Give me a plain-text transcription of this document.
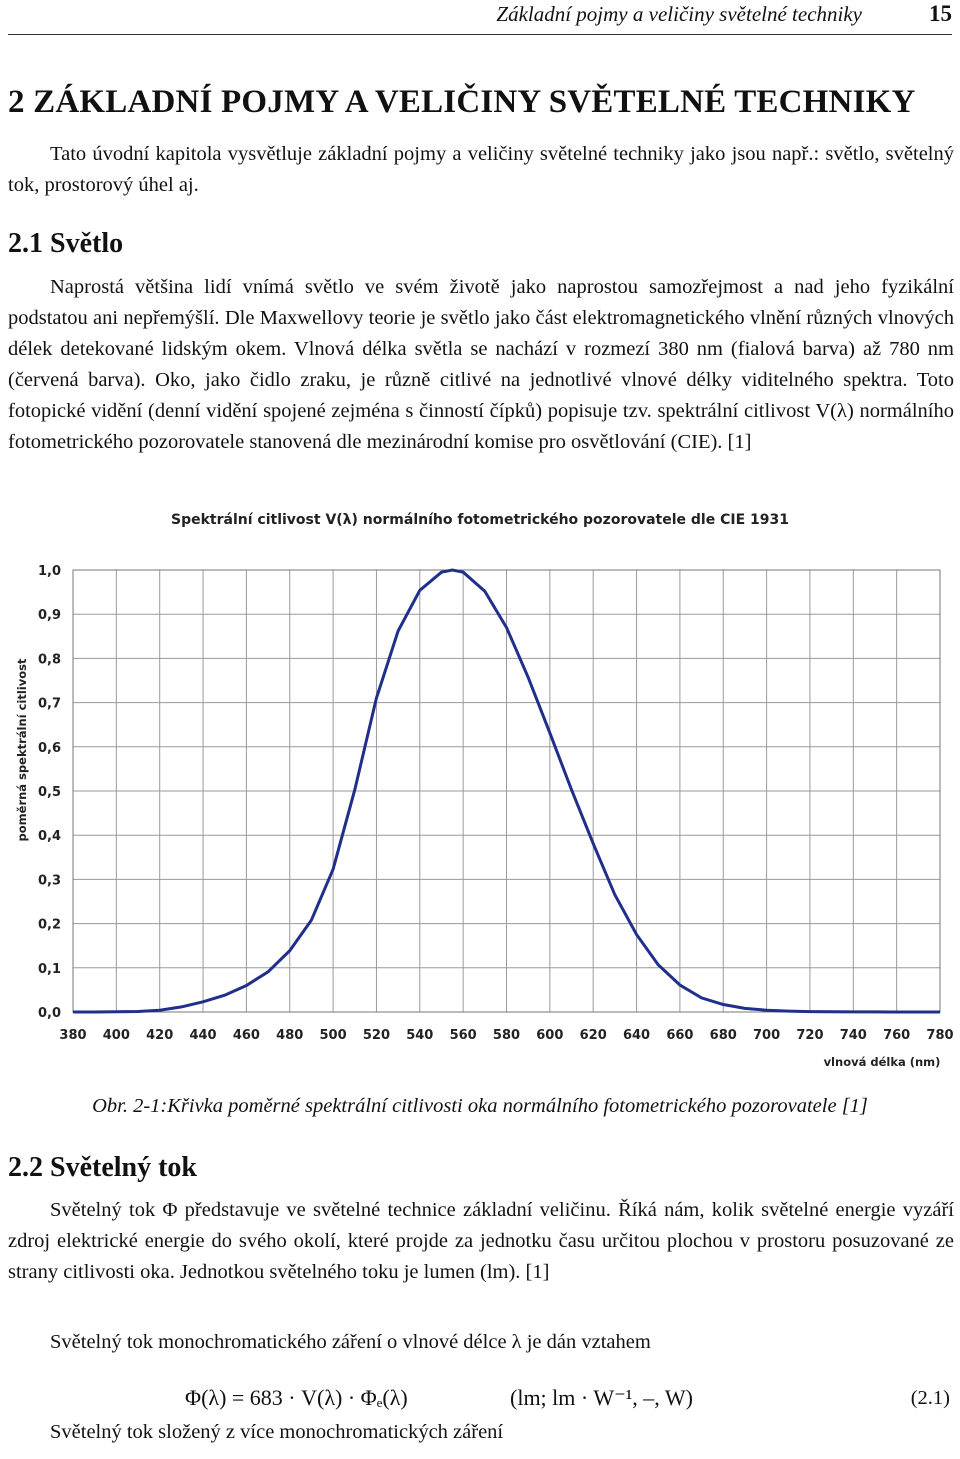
Základní pojmy a veličiny světelné techniky	15
2 ZÁKLADNÍ POJMY A VELIČINY SVĚTELNÉ TECHNIKY

Tato úvodní kapitola vysvětluje základní pojmy a veličiny světelné techniky jako jsou např.: světlo, světelný tok, prostorový úhel aj.

2.1 Světlo

Naprostá většina lidí vnímá světlo ve svém životě jako naprostou samozřejmost a nad jeho fyzikální podstatou ani nepřemýšlí. Dle Maxwellovy teorie je světlo jako část elektromagnetického vlnění různých vlnových délek detekované lidským okem. Vlnová délka světla se nachází v rozmezí 380 nm (fialová barva) až 780 nm (červená barva). Oko, jako čidlo zraku, je různě citlivé na jednotlivé vlnové délky viditelného spektra. Toto fotopické vidění (denní vidění spojené zejména s činností čípků) popisuje tzv. spektrální citlivost V(λ) normálního fotometrického pozorovatele stanovená dle mezinárodní komise pro osvětlování (CIE). [1]

Spektrální citlivost V(λ) normálního fotometrického pozorovatele dle CIE 1931
380 400 420 440 460 480 500 520 540 560 580 600 620 640 660 680 700 720 740 760 780
0,0
0,1
0,2
0,3
0,4
0,5
0,6
0,7
0,8
0,9
1,0
poměrná spektrální citlivost
vlnová délka (nm)
Obr. 2-1:Křivka poměrné spektrální citlivosti oka normálního fotometrického pozorovatele [1]
2.2 Světelný tok

Světelný tok Φ představuje ve světelné technice základní veličinu. Říká nám, kolik světelné energie vyzáří zdroj elektrické energie do svého okolí, které projde za jednotku času určitou plochou v prostoru posuzované ze strany citlivosti oka. Jednotkou světelného toku je lumen (lm). [1]

Světelný tok monochromatického záření o vlnové délce λ je dán vztahem
Φ(λ) = 683 · V(λ) · Φₑ(λ)	(lm; lm · W⁻¹, –, W)	(2.1)
Světelný tok složený z více monochromatických záření
